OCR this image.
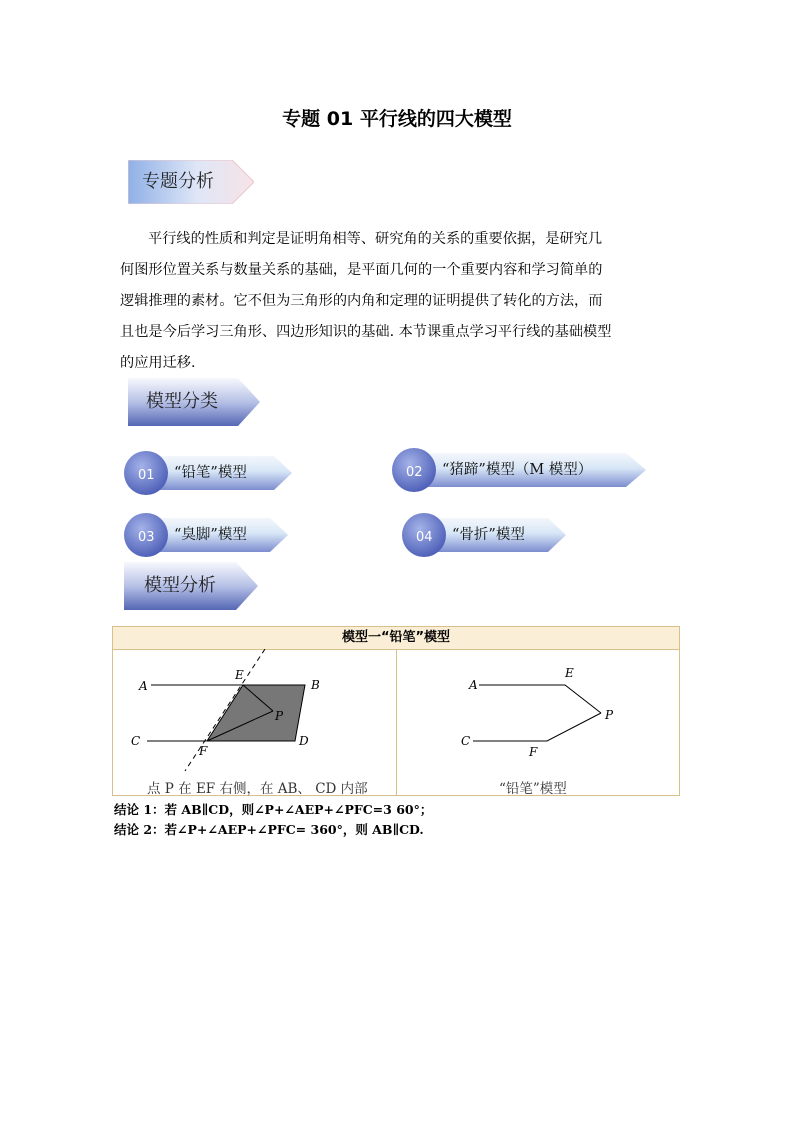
专题 01 平行线的四大模型
专题分析
平行线的性质和判定是证明角相等、研究角的关系的重要依据，是研究几
何图形位置关系与数量关系的基础，是平面几何的一个重要内容和学习简单的
逻辑推理的素材。它不但为三角形的内角和定理的证明提供了转化的方法，而
且也是今后学习三角形、四边形知识的基础. 本节课重点学习平行线的基础模型
的应用迁移.
模型分类
01 “铅笔”模型	02 “猪蹄”模型（M 模型）
03 “臭脚”模型	04 “骨折”模型
模型分析
模型一“铅笔”模型
A
E
B
P
C
F
D
A
E
P
C
F
点 P 在 EF 右侧，在 AB、 CD 内部	“铅笔”模型
结论 1：若 AB∥CD，则∠P+∠AEP+∠PFC=3 60°；
结论 2：若∠P+∠AEP+∠PFC= 360°，则 AB∥CD.
